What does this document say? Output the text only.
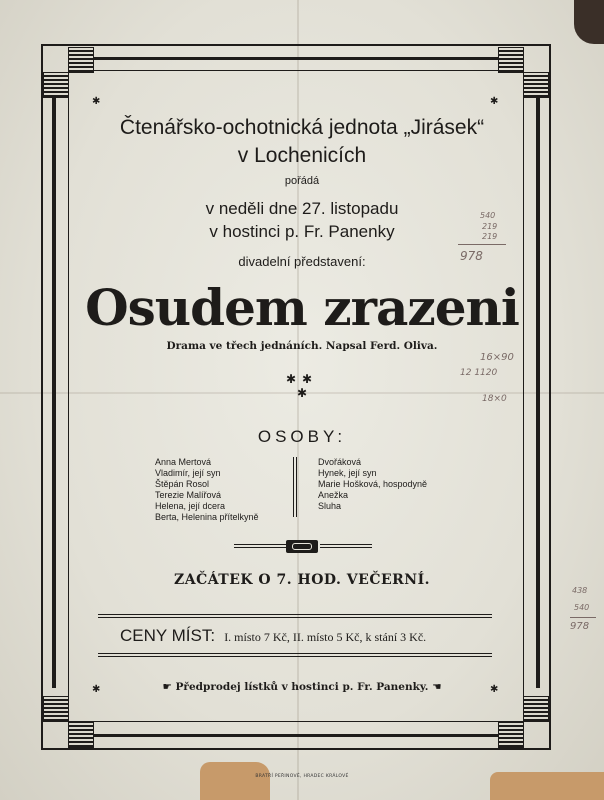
✱	✱
✱	✱
Čtenářsko-ochotnická jednota „Jirásek“
v Lochenicích
pořádá
v neděli dne 27. listopadu
v hostinci p. Fr. Panenky
divadelní představení:
Osudem zrazeni
Drama ve třech jednáních. Napsal Ferd. Oliva.
✱✱
✱
OSOBY:
Anna Mertová
Vladimír, její syn
Štěpán Rosol
Terezie Malířová
Helena, její dcera
Berta, Helenina přítelkyně
Dvořáková
Hynek, její syn
Marie Hošková, hospodyně
Anežka
Sluha
ZAČÁTEK O 7. HOD. VEČERNÍ.
CENY MÍST: I. místo 7 Kč, II. místo 5 Kč, k stání 3 Kč.
☛ Předprodej lístků v hostinci p. Fr. Panenky. ☚
BRATŘÍ PEŘINOVÉ, HRADEC KRÁLOVÉ
540
219
219
978
16×90
12 1120
18×0
438
540
978
